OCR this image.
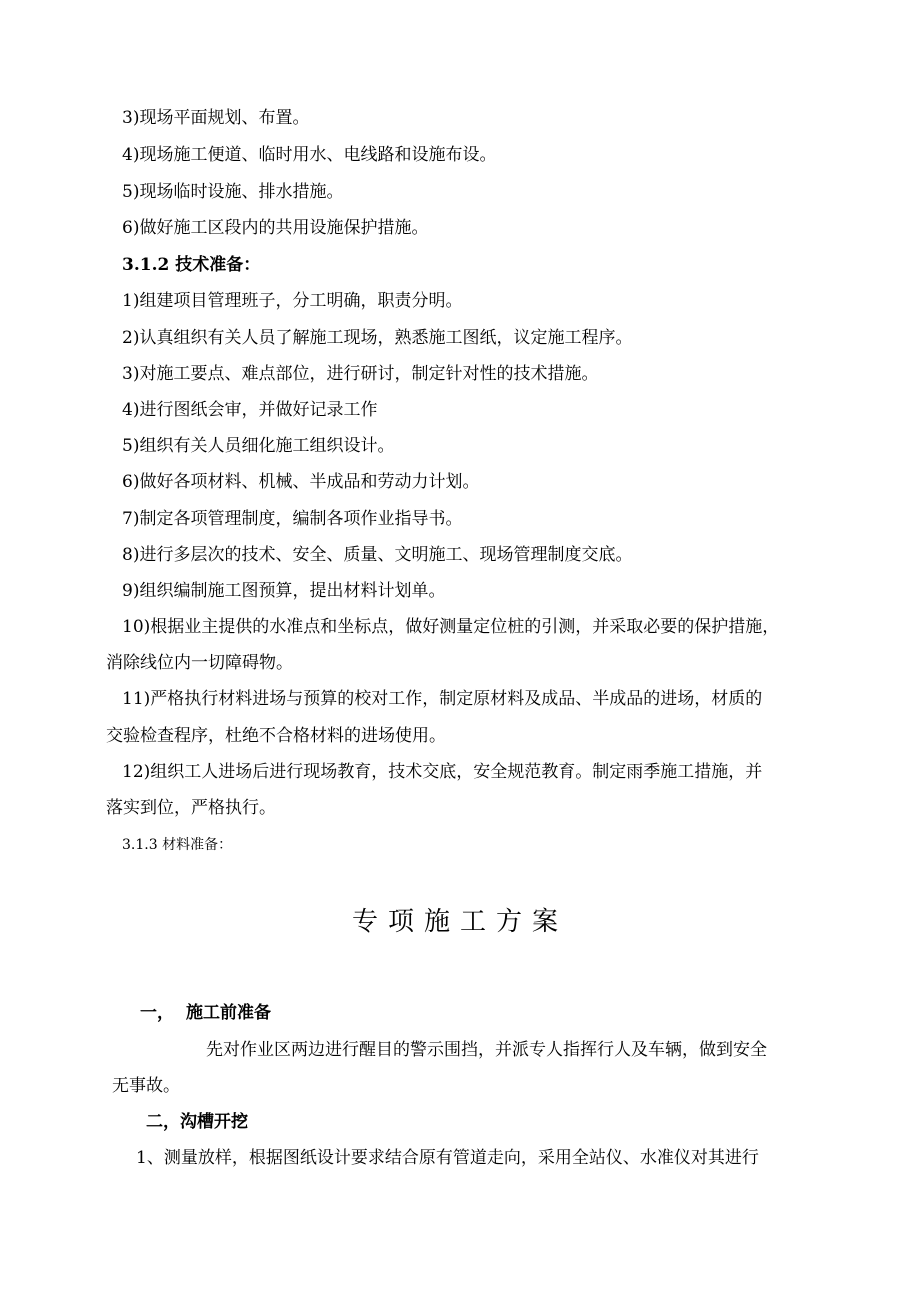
3)现场平面规划、布置。
4)现场施工便道、临时用水、电线路和设施布设。
5)现场临时设施、排水措施。
6)做好施工区段内的共用设施保护措施。
3.1.2 技术准备：
1)组建项目管理班子，分工明确，职责分明。
2)认真组织有关人员了解施工现场，熟悉施工图纸，议定施工程序。
3)对施工要点、难点部位，进行研讨，制定针对性的技术措施。
4)进行图纸会审，并做好记录工作
5)组织有关人员细化施工组织设计。
6)做好各项材料、机械、半成品和劳动力计划。
7)制定各项管理制度，编制各项作业指导书。
8)进行多层次的技术、安全、质量、文明施工、现场管理制度交底。
9)组织编制施工图预算，提出材料计划单。
10)根据业主提供的水准点和坐标点，做好测量定位桩的引测，并采取必要的保护措施，
消除线位内一切障碍物。
11)严格执行材料进场与预算的校对工作，制定原材料及成品、半成品的进场，材质的
交验检查程序，杜绝不合格材料的进场使用。
12)组织工人进场后进行现场教育，技术交底，安全规范教育。制定雨季施工措施，并
落实到位，严格执行。
3.1.3 材料准备：
专项施工方案
一， 施工前准备
先对作业区两边进行醒目的警示围挡，并派专人指挥行人及车辆，做到安全
无事故。
二，沟槽开挖
1、测量放样，根据图纸设计要求结合原有管道走向，采用全站仪、水准仪对其进行
